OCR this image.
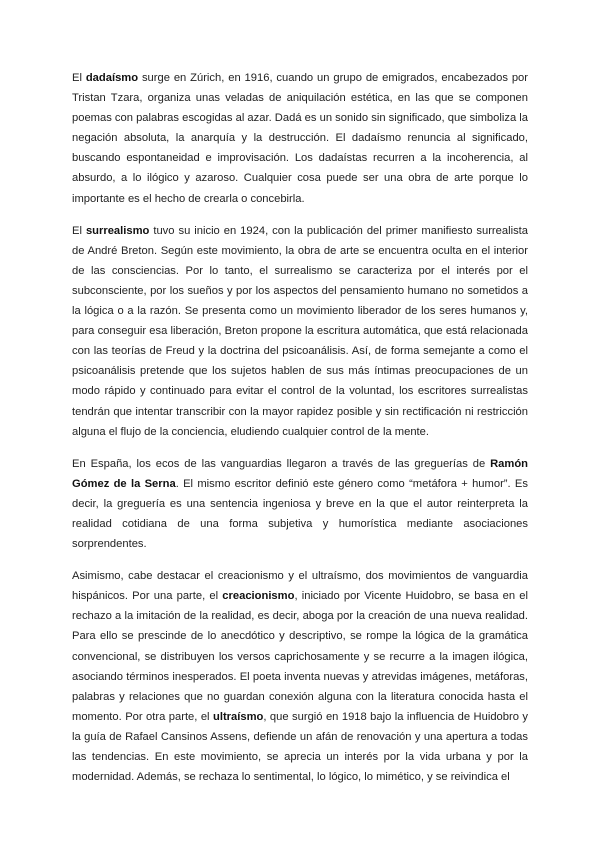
El dadaísmo surge en Zúrich, en 1916, cuando un grupo de emigrados, encabezados por Tristan Tzara, organiza unas veladas de aniquilación estética, en las que se componen poemas con palabras escogidas al azar. Dadá es un sonido sin significado, que simboliza la negación absoluta, la anarquía y la destrucción. El dadaísmo renuncia al significado, buscando espontaneidad e improvisación. Los dadaístas recurren a la incoherencia, al absurdo, a lo ilógico y azaroso. Cualquier cosa puede ser una obra de arte porque lo importante es el hecho de crearla o concebirla.

El surrealismo tuvo su inicio en 1924, con la publicación del primer manifiesto surrealista de André Breton. Según este movimiento, la obra de arte se encuentra oculta en el interior de las consciencias. Por lo tanto, el surrealismo se caracteriza por el interés por el subconsciente, por los sueños y por los aspectos del pensamiento humano no sometidos a la lógica o a la razón. Se presenta como un movimiento liberador de los seres humanos y, para conseguir esa liberación, Breton propone la escritura automática, que está relacionada con las teorías de Freud y la doctrina del psicoanálisis. Así, de forma semejante a como el psicoanálisis pretende que los sujetos hablen de sus más íntimas preocupaciones de un modo rápido y continuado para evitar el control de la voluntad, los escritores surrealistas tendrán que intentar transcribir con la mayor rapidez posible y sin rectificación ni restricción alguna el flujo de la conciencia, eludiendo cualquier control de la mente.

En España, los ecos de las vanguardias llegaron a través de las greguerías de Ramón Gómez de la Serna. El mismo escritor definió este género como “metáfora + humor”. Es decir, la greguería es una sentencia ingeniosa y breve en la que el autor reinterpreta la realidad cotidiana de una forma subjetiva y humorística mediante asociaciones sorprendentes.

Asimismo, cabe destacar el creacionismo y el ultraísmo, dos movimientos de vanguardia hispánicos. Por una parte, el creacionismo, iniciado por Vicente Huidobro, se basa en el rechazo a la imitación de la realidad, es decir, aboga por la creación de una nueva realidad. Para ello se prescinde de lo anecdótico y descriptivo, se rompe la lógica de la gramática convencional, se distribuyen los versos caprichosamente y se recurre a la imagen ilógica, asociando términos inesperados. El poeta inventa nuevas y atrevidas imágenes, metáforas, palabras y relaciones que no guardan conexión alguna con la literatura conocida hasta el momento. Por otra parte, el ultraísmo, que surgió en 1918 bajo la influencia de Huidobro y la guía de Rafael Cansinos Assens, defiende un afán de renovación y una apertura a todas las tendencias. En este movimiento, se aprecia un interés por la vida urbana y por la modernidad. Además, se rechaza lo sentimental, lo lógico, lo mimético, y se reivindica el
